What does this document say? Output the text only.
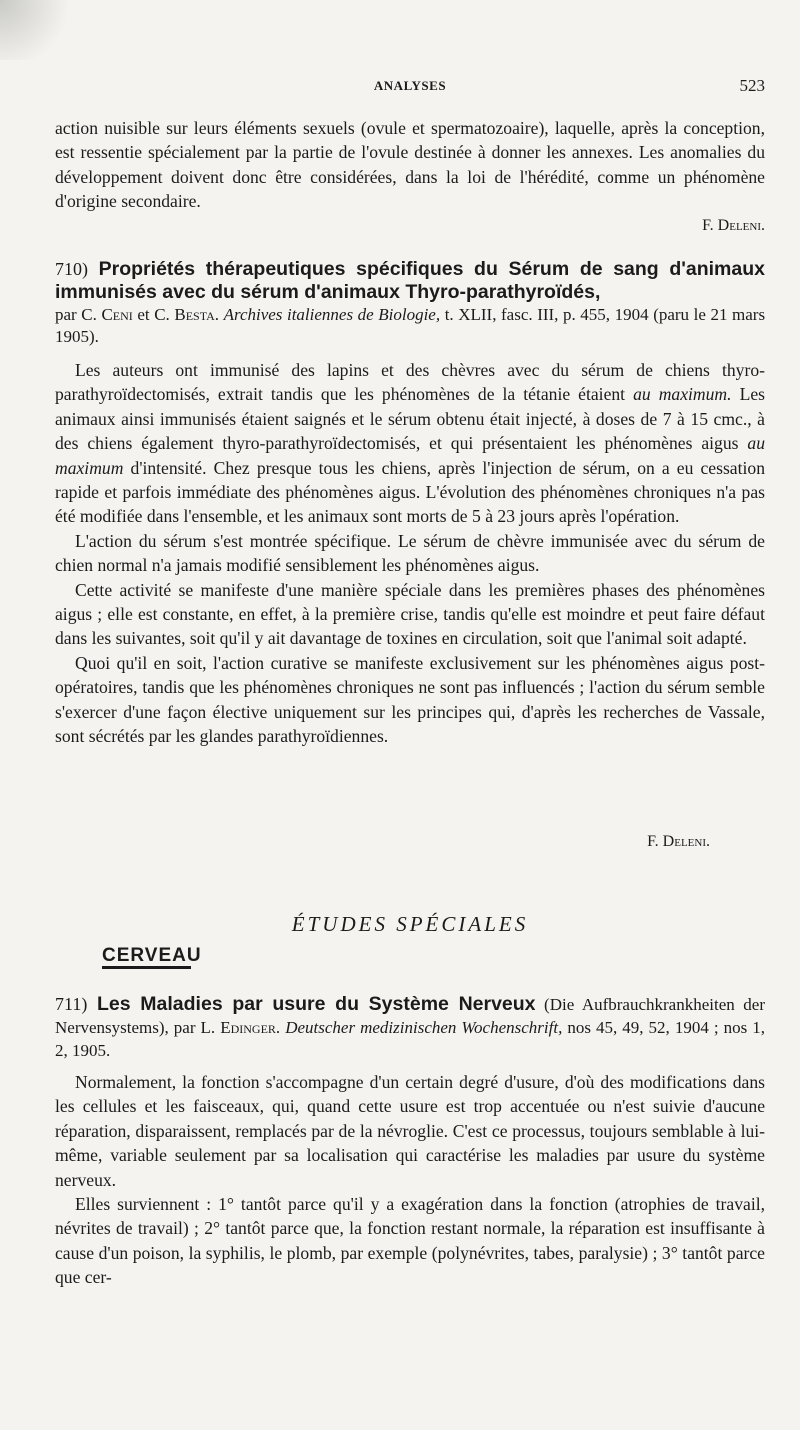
ANALYSES	523

action nuisible sur leurs éléments sexuels (ovule et spermatozoaire), laquelle, après la conception, est ressentie spécialement par la partie de l'ovule destinée à donner les annexes. Les anomalies du développement doivent donc être considérées, dans la loi de l'hérédité, comme un phénomène d'origine secondaire.

F. Deleni.

710) Propriétés thérapeutiques spécifiques du Sérum de sang d'animaux immunisés avec du sérum d'animaux Thyro-parathyroïdés,

par C. Ceni et C. Besta. Archives italiennes de Biologie, t. XLII, fasc. III, p. 455, 1904 (paru le 21 mars 1905).

Les auteurs ont immunisé des lapins et des chèvres avec du sérum de chiens thyro-parathyroïdectomisés, extrait tandis que les phénomènes de la tétanie étaient au maximum. Les animaux ainsi immunisés étaient saignés et le sérum obtenu était injecté, à doses de 7 à 15 cmc., à des chiens également thyro-parathyroïdectomisés, et qui présentaient les phénomènes aigus au maximum d'intensité. Chez presque tous les chiens, après l'injection de sérum, on a eu cessation rapide et parfois immédiate des phénomènes aigus. L'évolution des phénomènes chroniques n'a pas été modifiée dans l'ensemble, et les animaux sont morts de 5 à 23 jours après l'opération.

L'action du sérum s'est montrée spécifique. Le sérum de chèvre immunisée avec du sérum de chien normal n'a jamais modifié sensiblement les phénomènes aigus.

Cette activité se manifeste d'une manière spéciale dans les premières phases des phénomènes aigus ; elle est constante, en effet, à la première crise, tandis qu'elle est moindre et peut faire défaut dans les suivantes, soit qu'il y ait davantage de toxines en circulation, soit que l'animal soit adapté.

Quoi qu'il en soit, l'action curative se manifeste exclusivement sur les phénomènes aigus post-opératoires, tandis que les phénomènes chroniques ne sont pas influencés ; l'action du sérum semble s'exercer d'une façon élective uniquement sur les principes qui, d'après les recherches de Vassale, sont sécrétés par les glandes parathyroïdiennes.

F. Deleni.

ÉTUDES SPÉCIALES
CERVEAU

711) Les Maladies par usure du Système Nerveux (Die Aufbrauchkrankheiten der Nervensystems), par L. Edinger. Deutscher medizinischen Wochenschrift, nos 45, 49, 52, 1904 ; nos 1, 2, 1905.

Normalement, la fonction s'accompagne d'un certain degré d'usure, d'où des modifications dans les cellules et les faisceaux, qui, quand cette usure est trop accentuée ou n'est suivie d'aucune réparation, disparaissent, remplacés par de la névroglie. C'est ce processus, toujours semblable à lui-même, variable seulement par sa localisation qui caractérise les maladies par usure du système nerveux.

Elles surviennent : 1° tantôt parce qu'il y a exagération dans la fonction (atrophies de travail, névrites de travail) ; 2° tantôt parce que, la fonction restant normale, la réparation est insuffisante à cause d'un poison, la syphilis, le plomb, par exemple (polynévrites, tabes, paralysie) ; 3° tantôt parce que cer-
